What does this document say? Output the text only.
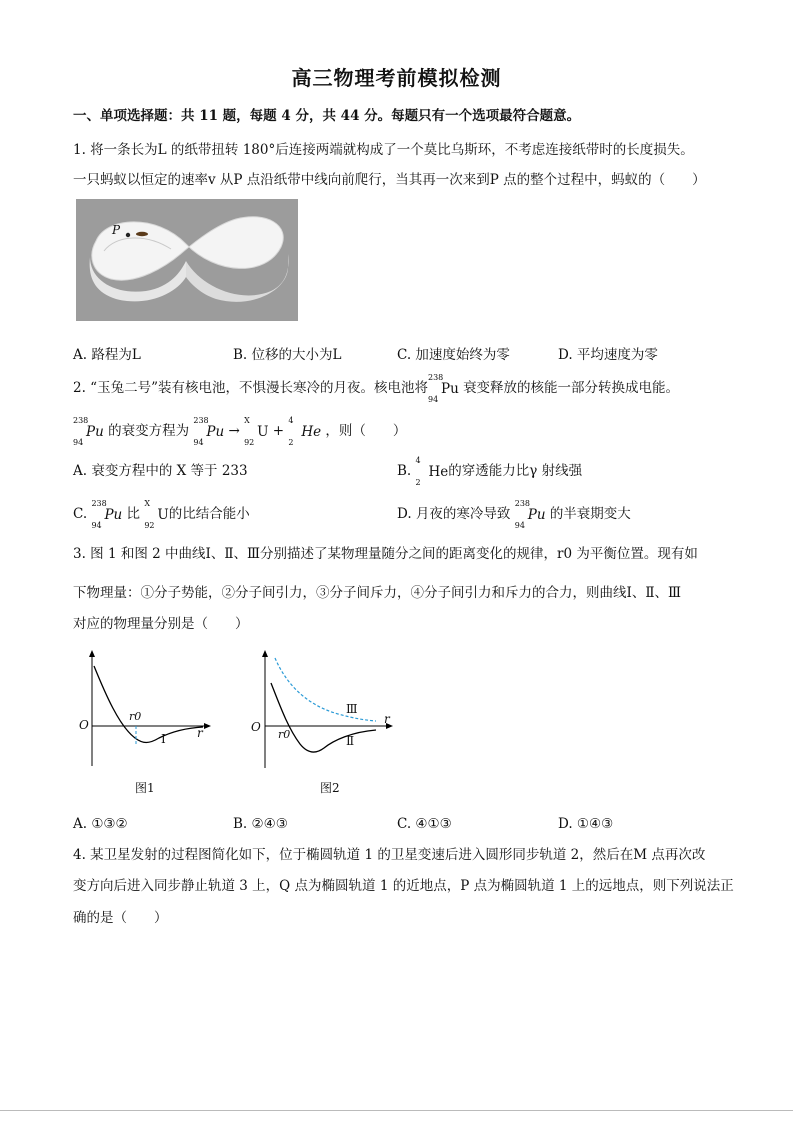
高三物理考前模拟检测
一、单项选择题：共 11 题，每题 4 分，共 44 分。每题只有一个选项最符合题意。
1. 将一条长为L 的纸带扭转 180°后连接两端就构成了一个莫比乌斯环，不考虑连接纸带时的长度损失。
一只蚂蚁以恒定的速率v 从P 点沿纸带中线向前爬行，当其再一次来到P 点的整个过程中，蚂蚁的（　　）
P
A. 路程为L	B. 位移的大小为L	C. 加速度始终为零	D. 平均速度为零
2. “玉兔二号”装有核电池，不惧漫长寒冷的月夜。核电池将
238
94
Pu 衰变释放的核能一部分转换成电能。
238
94
Pu 的衰变方程为
238
94
Pu →
X
92
U +
4
2
He ，则（　　）
A. 衰变方程中的 X 等于 233	B.
4
2
He的穿透能力比γ 射线强
C.
238
94
Pu 比
X
92
U的比结合能小	D. 月夜的寒冷导致
238
94
Pu 的半衰期变大
3. 图 1 和图 2 中曲线Ⅰ、Ⅱ、Ⅲ分别描述了某物理量随分之间的距离变化的规律，r0 为平衡位置。现有如
下物理量：①分子势能，②分子间引力，③分子间斥力，④分子间引力和斥力的合力，则曲线Ⅰ、Ⅱ、Ⅲ
对应的物理量分别是（　　）
O
r0
r
Ⅰ
图1
O
r0
r
Ⅱ
Ⅲ
图2
A. ①③②	B. ②④③	C. ④①③	D. ①④③
4. 某卫星发射的过程图简化如下，位于椭圆轨道 1 的卫星变速后进入圆形同步轨道 2，然后在M 点再次改
变方向后进入同步静止轨道 3 上，Q 点为椭圆轨道 1 的近地点，P 点为椭圆轨道 1 上的远地点，则下列说法正
确的是（　　）
